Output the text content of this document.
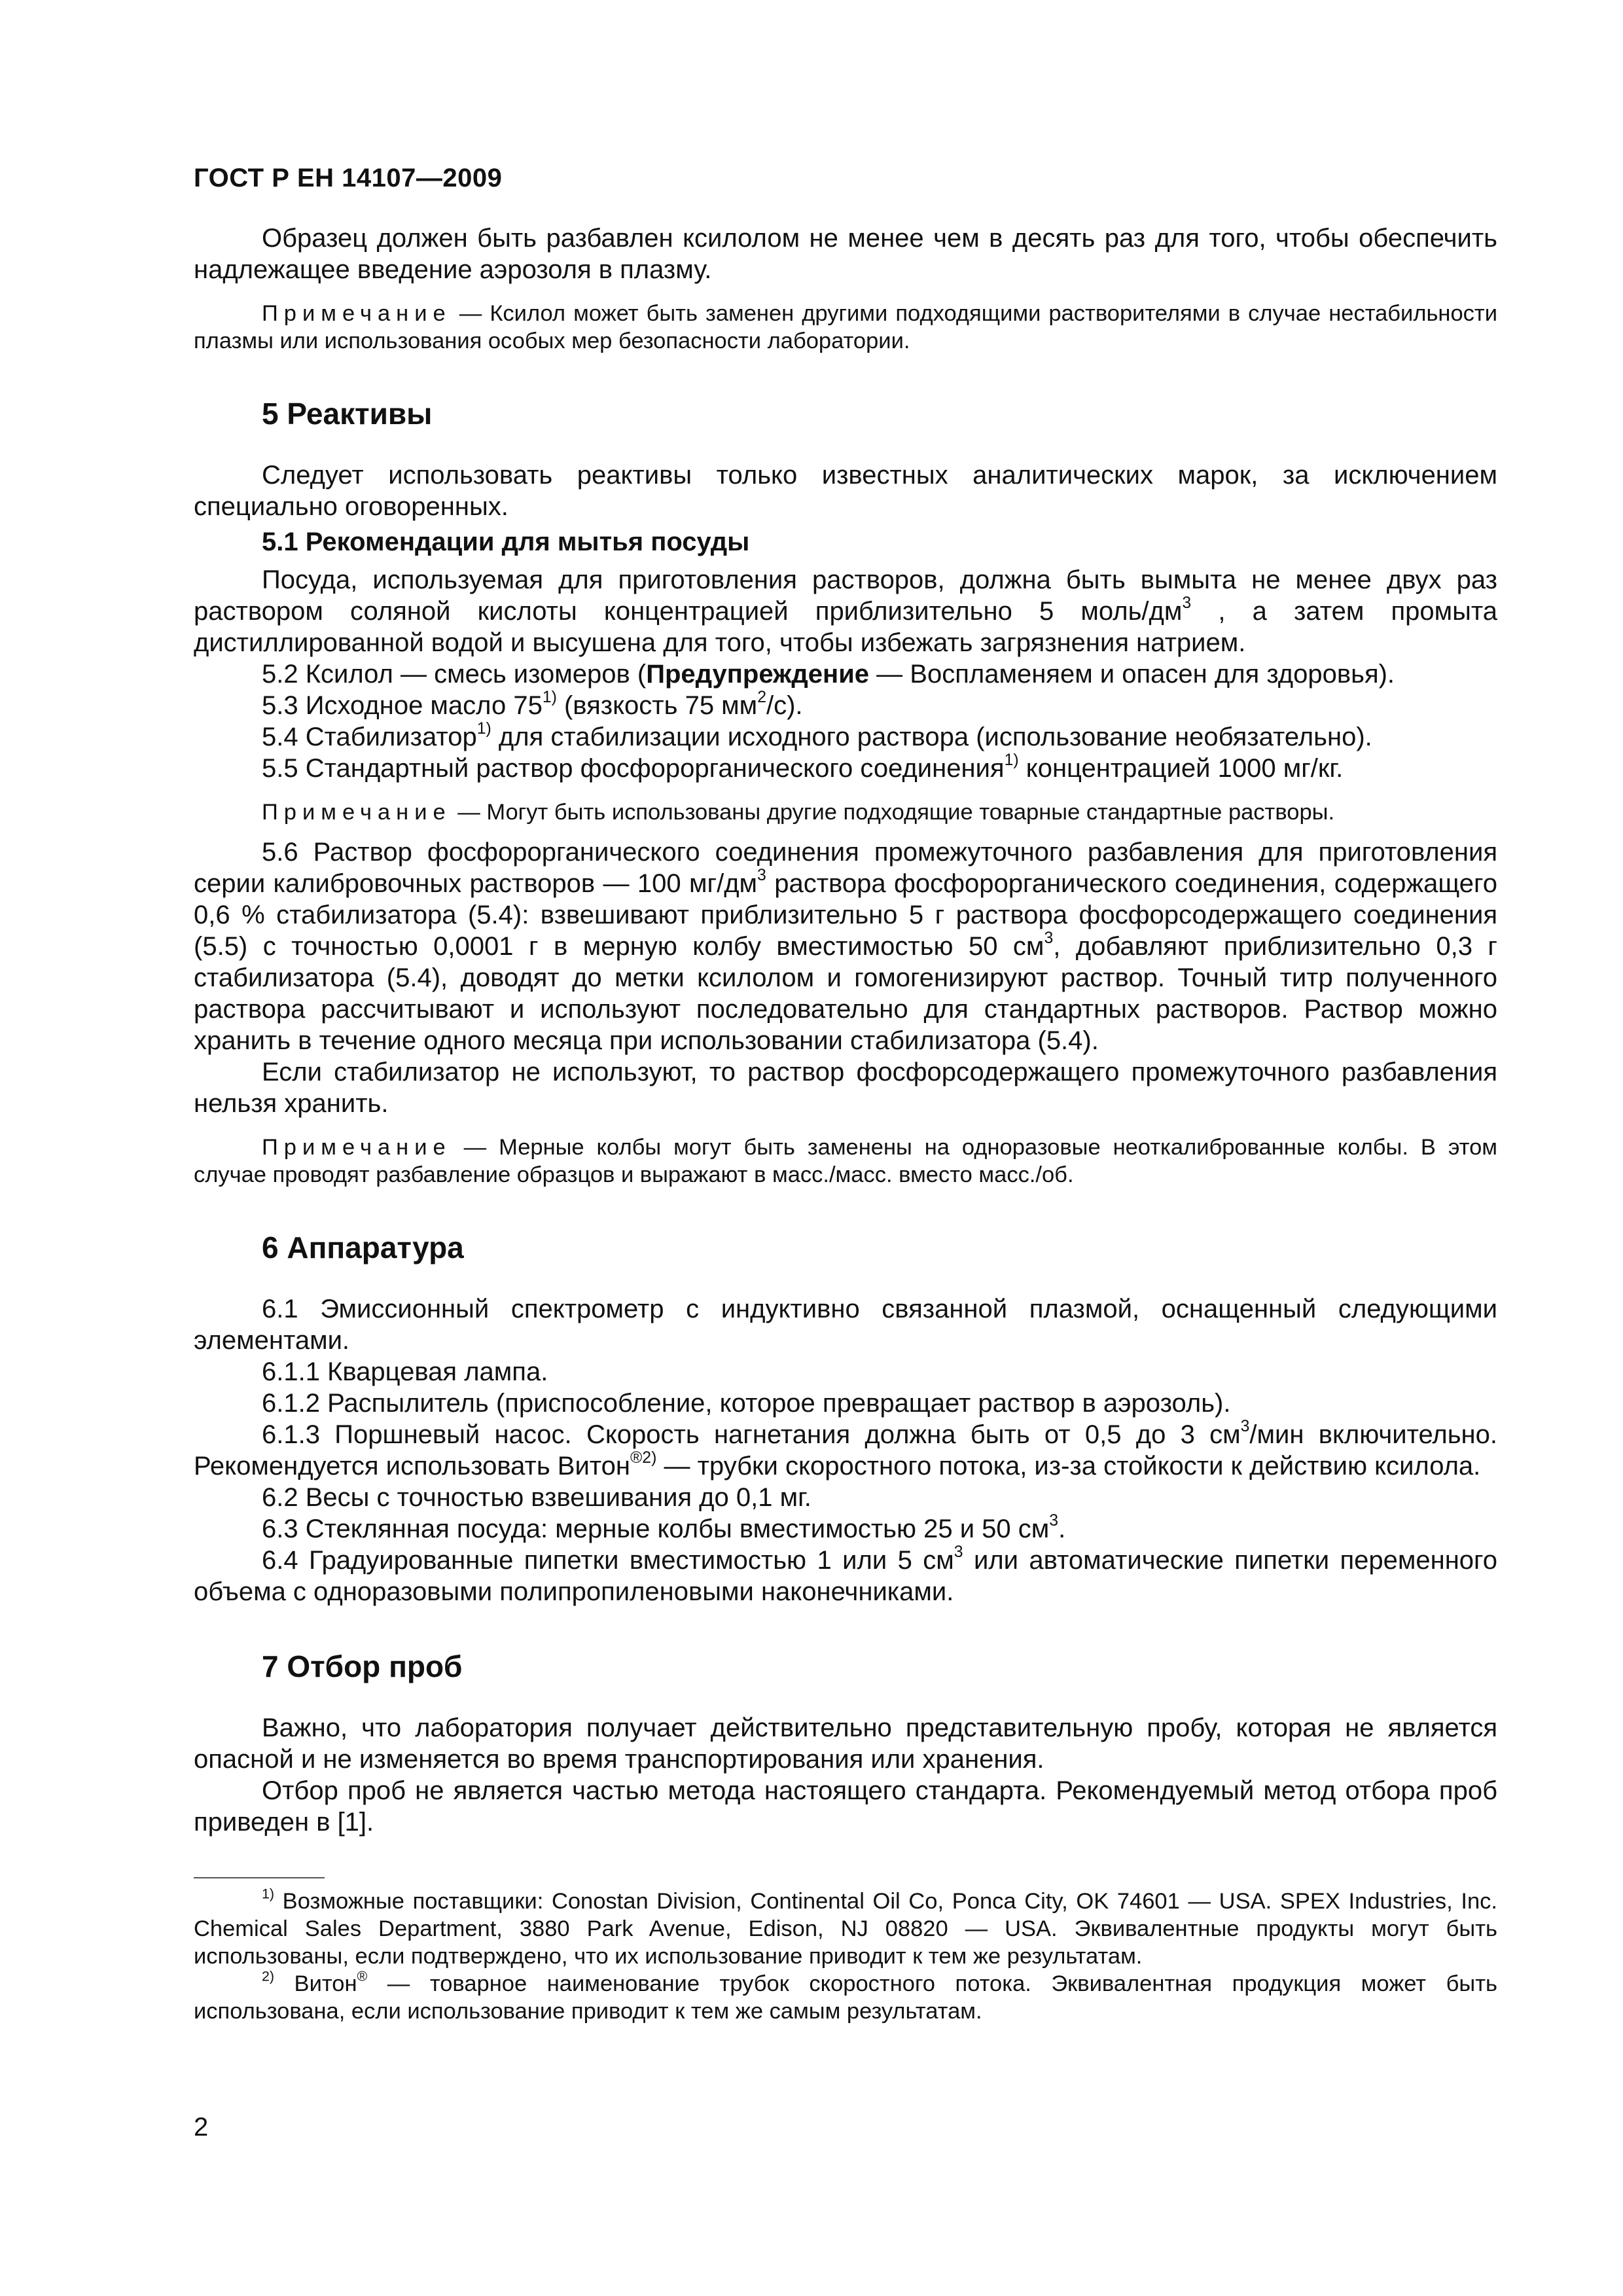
ГОСТ Р ЕН 14107—2009

Образец должен быть разбавлен ксилолом не менее чем в десять раз для того, чтобы обеспечить надлежащее введение аэрозоля в плазму.

Примечание — Ксилол может быть заменен другими подходящими растворителями в случае нестабильности плазмы или использования особых мер безопасности лаборатории.

5 Реактивы

Следует использовать реактивы только известных аналитических марок, за исключением специально оговоренных.

5.1 Рекомендации для мытья посуды

Посуда, используемая для приготовления растворов, должна быть вымыта не менее двух раз раствором соляной кислоты концентрацией приблизительно 5 моль/$дм^3$ , а затем промыта дистиллированной водой и высушена для того, чтобы избежать загрязнения натрием.

5.2 Ксилол — смесь изомеров (Предупреждение — Воспламеняем и опасен для здоровья).

5.3 Исходное масло 75$^{1)}$ (вязкость 75 $мм^2/с$).

5.4 Стабилизатор$^{1)}$ для стабилизации исходного раствора (использование необязательно).

5.5 Стандартный раствор фосфорорганического соединения$^{1)}$ концентрацией 1000 мг/кг.

Примечание — Могут быть использованы другие подходящие товарные стандартные растворы.

5.6 Раствор фосфорорганического соединения промежуточного разбавления для приготовления серии калибровочных растворов — 100 $мг/дм^3$ раствора фосфорорганического соединения, содержащего 0,6 % стабилизатора (5.4): взвешивают приблизительно 5 г раствора фосфорсодержащего соединения (5.5) с точностью 0,0001 г в мерную колбу вместимостью 50 $см^3$, добавляют приблизительно 0,3 г стабилизатора (5.4), доводят до метки ксилолом и гомогенизируют раствор. Точный титр полученного раствора рассчитывают и используют последовательно для стандартных растворов. Раствор можно хранить в течение одного месяца при использовании стабилизатора (5.4).

Если стабилизатор не используют, то раствор фосфорсодержащего промежуточного разбавления нельзя хранить.

Примечание — Мерные колбы могут быть заменены на одноразовые неоткалиброванные колбы. В этом случае проводят разбавление образцов и выражают в масс./масс. вместо масс./об.

6 Аппаратура

6.1 Эмиссионный спектрометр с индуктивно связанной плазмой, оснащенный следующими элементами.

6.1.1 Кварцевая лампа.

6.1.2 Распылитель (приспособление, которое превращает раствор в аэрозоль).

6.1.3 Поршневый насос. Скорость нагнетания должна быть от 0,5 до 3 $см^3$/мин включительно. Рекомендуется использовать Витон$^{®2)}$ — трубки скоростного потока, из-за стойкости к действию ксилола.

6.2 Весы с точностью взвешивания до 0,1 мг.

6.3 Стеклянная посуда: мерные колбы вместимостью 25 и 50 $см^3$.

6.4 Градуированные пипетки вместимостью 1 или 5 $см^3$ или автоматические пипетки переменного объема с одноразовыми полипропиленовыми наконечниками.

7 Отбор проб

Важно, что лаборатория получает действительно представительную пробу, которая не является опасной и не изменяется во время транспортирования или хранения.

Отбор проб не является частью метода настоящего стандарта. Рекомендуемый метод отбора проб приведен в [1].

$^{1)}$ Возможные поставщики: Conostan Division, Continental Oil Co, Ponca City, OK 74601 — USA. SPEX Industries, Inc. Chemical Sales Department, 3880 Park Avenue, Edison, NJ 08820 — USA. Эквивалентные продукты могут быть использованы, если подтверждено, что их использование приводит к тем же результатам.

$^{2)}$ Витон® — товарное наименование трубок скоростного потока. Эквивалентная продукция может быть использована, если использование приводит к тем же самым результатам.

2
